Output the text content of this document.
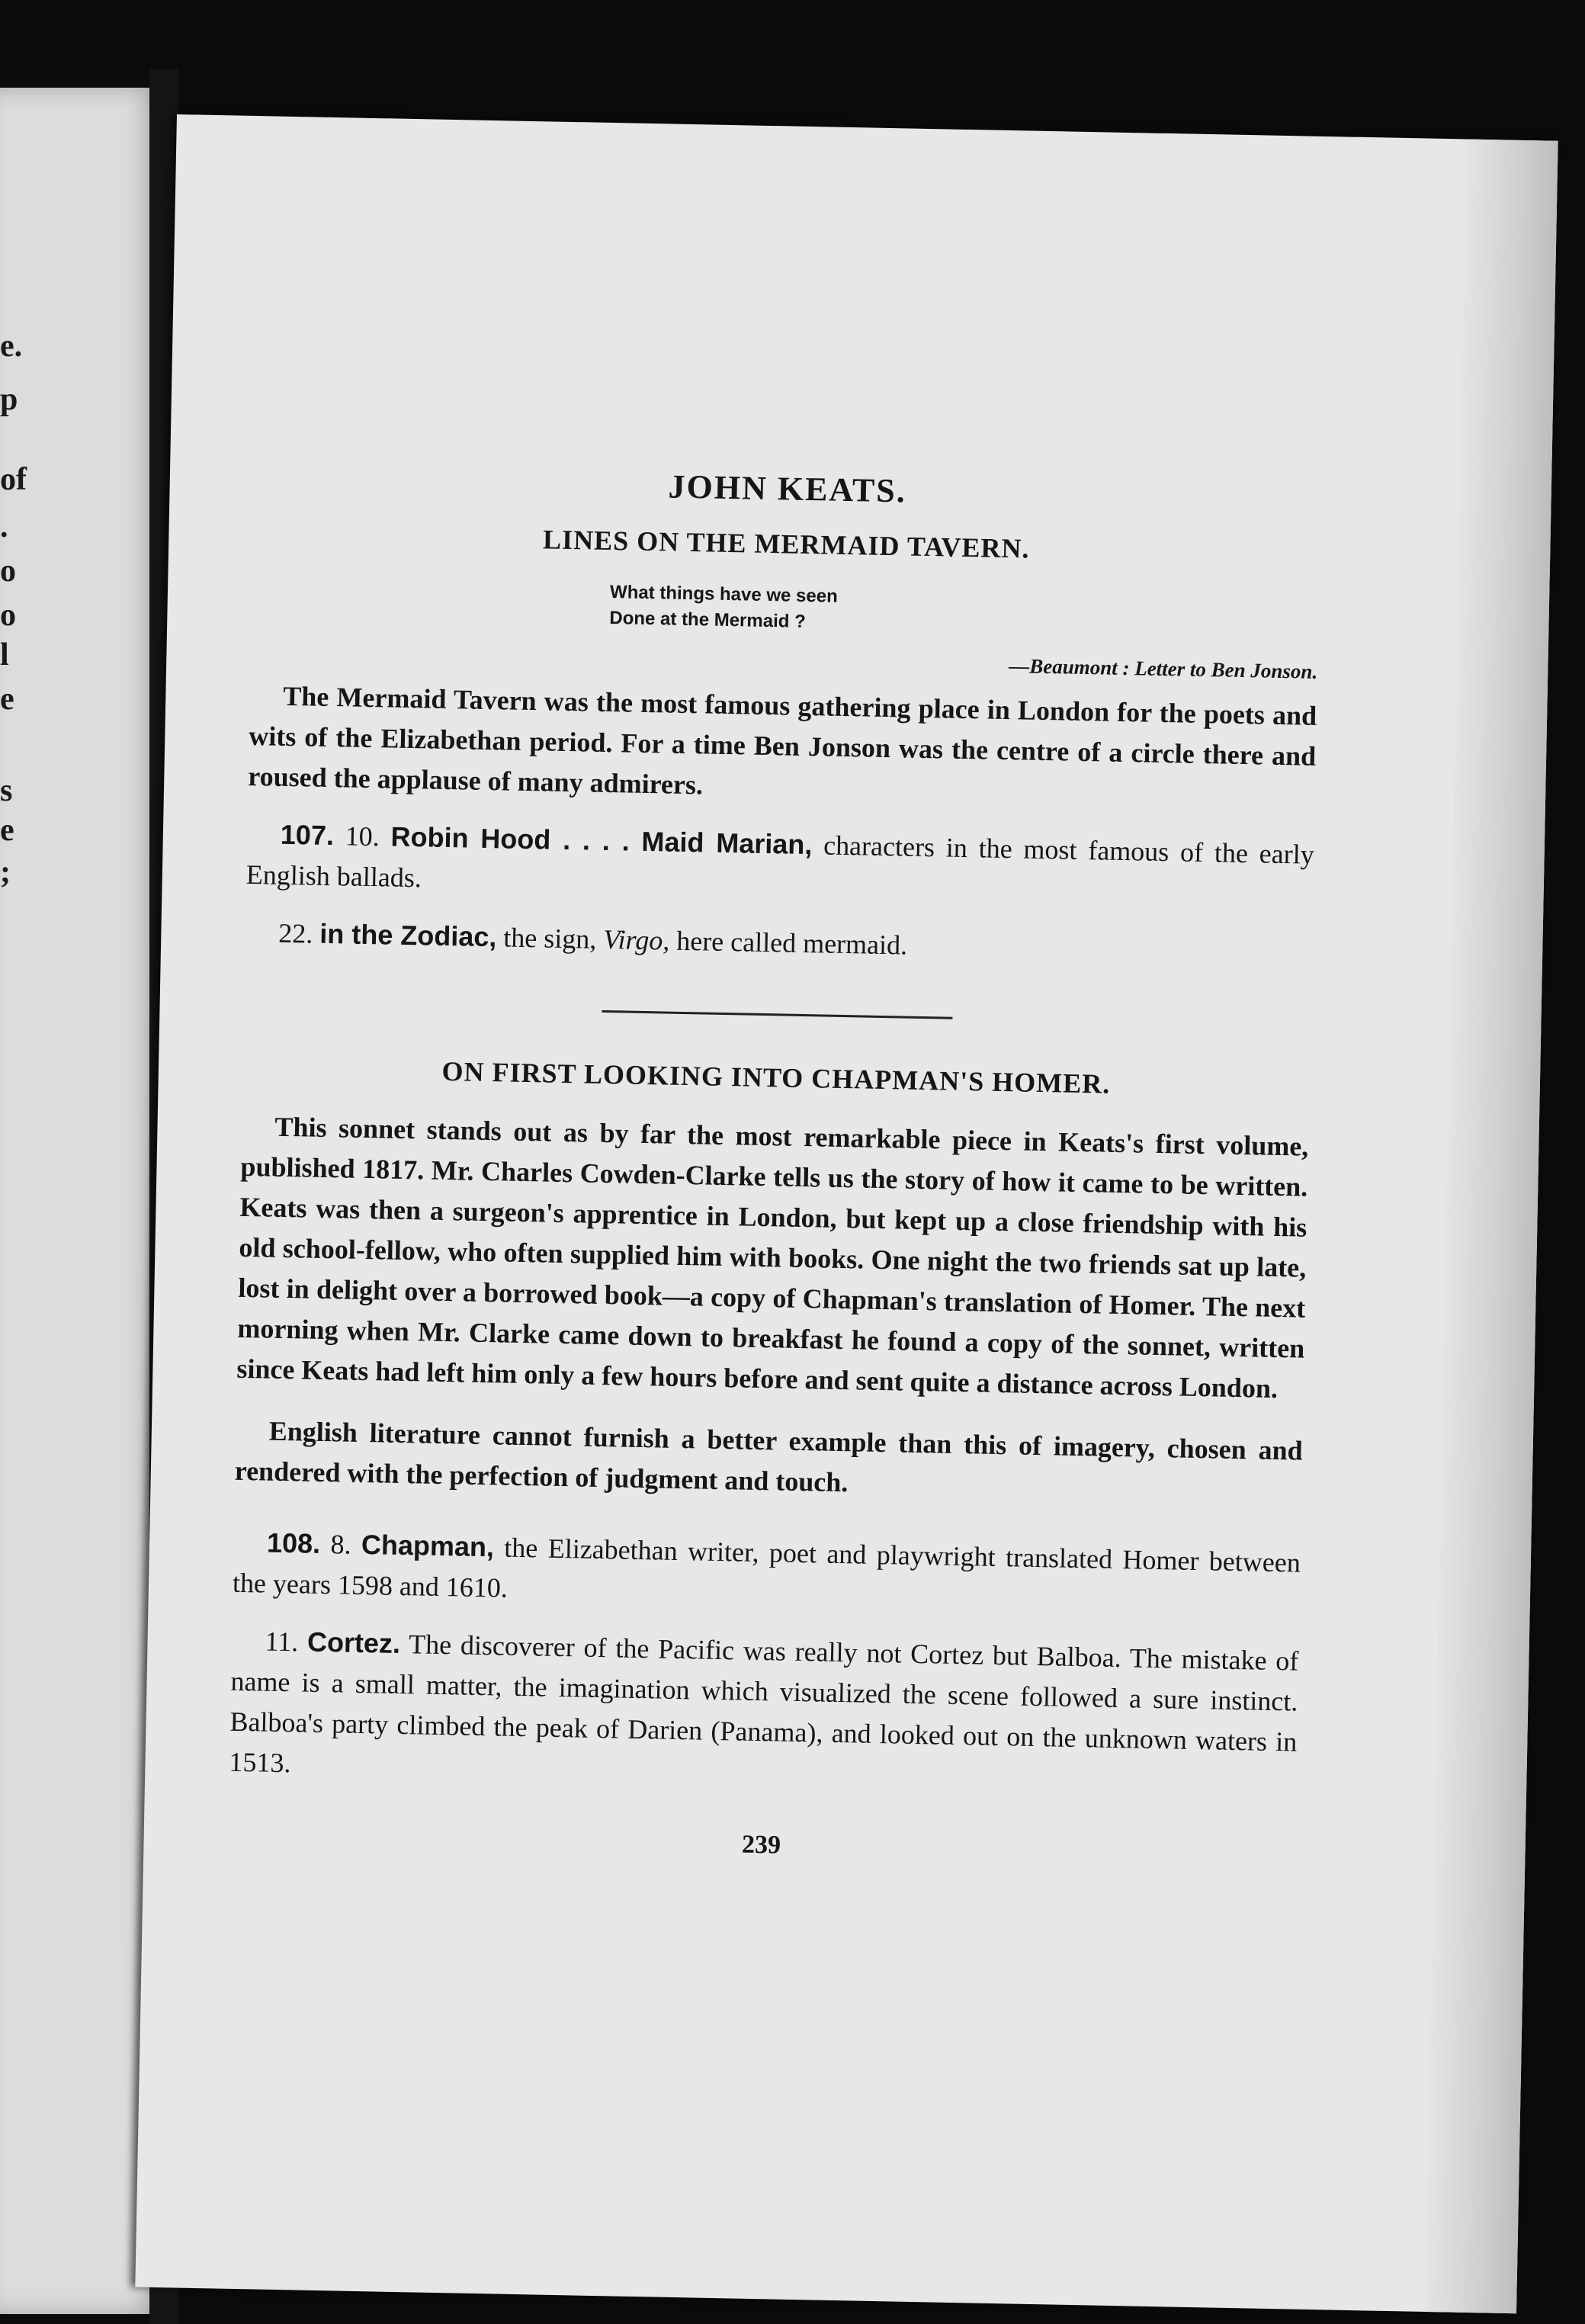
e.
p
of
.
o
o
l
e
s
e
;
JOHN KEATS.
LINES ON THE MERMAID TAVERN.
What things have we seen
Done at the Mermaid ?
—Beaumont : Letter to Ben Jonson.

The Mermaid Tavern was the most famous gathering place in London for the poets and wits of the Elizabethan period. For a time Ben Jonson was the centre of a circle there and roused the applause of many admirers.

107. 10. Robin Hood . . . . Maid Marian, characters in the most famous of the early English ballads.

22. in the Zodiac, the sign, Virgo, here called mermaid.

ON FIRST LOOKING INTO CHAPMAN'S HOMER.

This sonnet stands out as by far the most remarkable piece in Keats's first volume, published 1817. Mr. Charles Cowden-Clarke tells us the story of how it came to be written. Keats was then a surgeon's apprentice in London, but kept up a close friendship with his old school-fellow, who often supplied him with books. One night the two friends sat up late, lost in delight over a borrowed book—a copy of Chapman's translation of Homer. The next morning when Mr. Clarke came down to breakfast he found a copy of the sonnet, written since Keats had left him only a few hours before and sent quite a distance across London.

English literature cannot furnish a better example than this of imagery, chosen and rendered with the perfection of judgment and touch.

108. 8. Chapman, the Elizabethan writer, poet and playwright translated Homer between the years 1598 and 1610.

11. Cortez. The discoverer of the Pacific was really not Cortez but Balboa. The mistake of name is a small matter, the imagination which visualized the scene followed a sure instinct. Balboa's party climbed the peak of Darien (Panama), and looked out on the unknown waters in 1513.

239
